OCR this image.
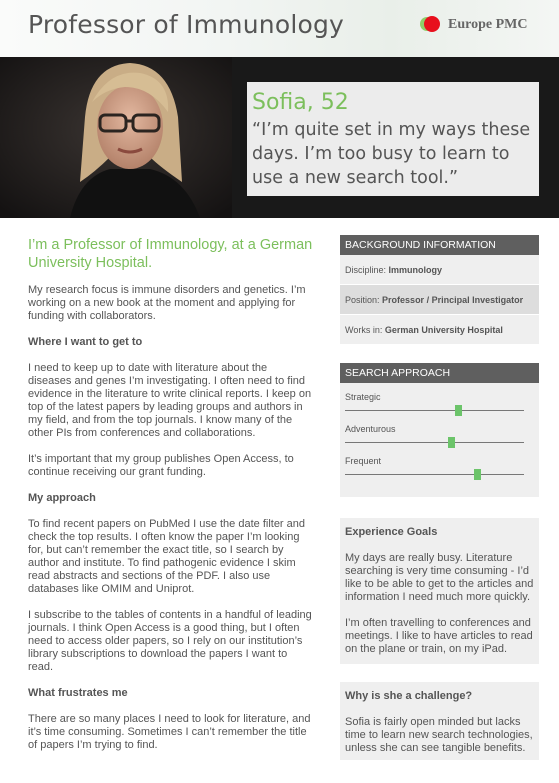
Professor of Immunology	Europe PMC
Sofia, 52
“I’m quite set in my ways these days. I’m too busy to learn to use a new search tool.”
I’m a Professor of Immunology, at a German University Hospital.
My research focus is immune disorders and genetics. I’m working on a new book at the moment and applying for funding with collaborators.
Where I want to get to
I need to keep up to date with literature about the diseases and genes I’m investigating. I often need to find evidence in the literature to write clinical reports. I keep on top of the latest papers by leading groups and authors in my field, and from the top journals. I know many of the other PIs from conferences and collaborations.
It’s important that my group publishes Open Access, to continue receiving our grant funding.
My approach
To find recent papers on PubMed I use the date filter and check the top results. I often know the paper I’m looking for, but can’t remember the exact title, so I search by author and institute. To find pathogenic evidence I skim read abstracts and sections of the PDF. I also use databases like OMIM and Uniprot.
I subscribe to the tables of contents in a handful of leading journals. I think Open Access is a good thing, but I often need to access older papers, so I rely on our institution’s library subscriptions to download the papers I want to read.
What frustrates me
There are so many places I need to look for literature, and it’s time consuming. Sometimes I can’t remember the title of papers I’m trying to find.
BACKGROUND INFORMATION
Discipline: Immunology
Position: Professor / Principal Investigator
Works in: German University Hospital
SEARCH APPROACH
Strategic
Adventurous
Frequent
Experience Goals
My days are really busy. Literature searching is very time consuming - I’d like to be able to get to the articles and information I need much more quickly.
I’m often travelling to conferences and meetings. I like to have articles to read on the plane or train, on my iPad.
Why is she a challenge?
Sofia is fairly open minded but lacks time to learn new search technologies, unless she can see tangible benefits.
